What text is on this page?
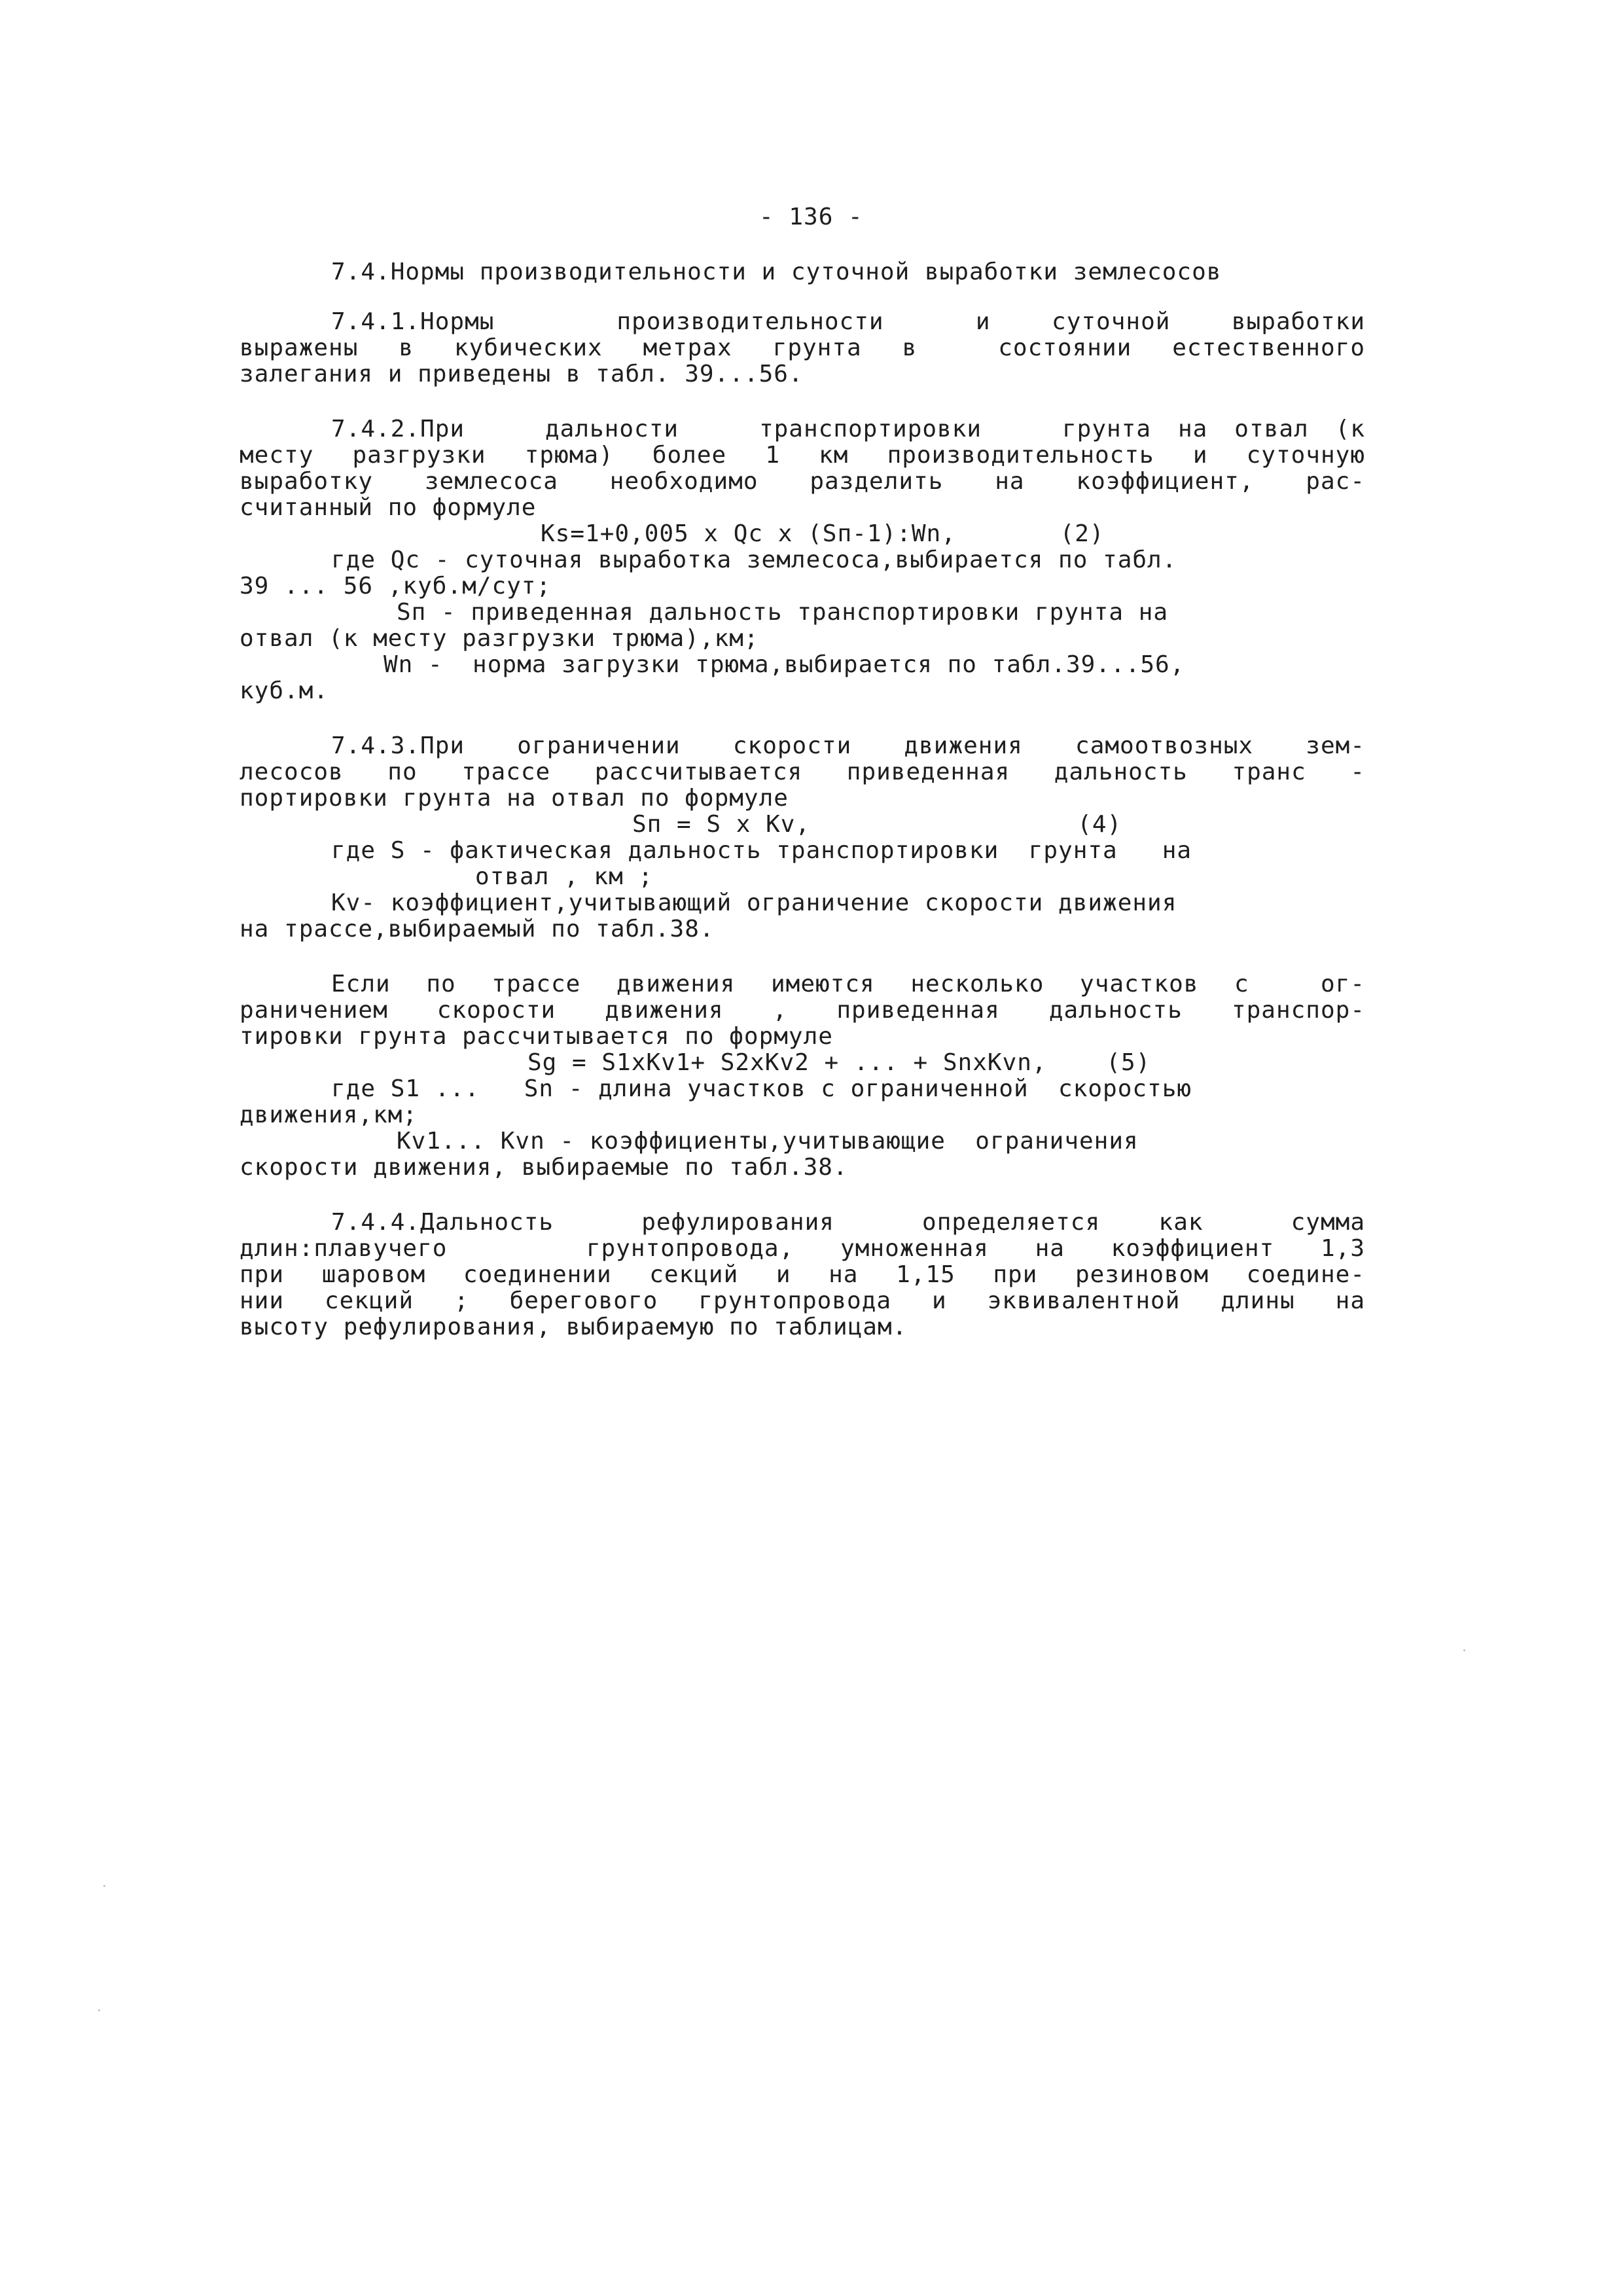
- 136 -
7.4.Нормы производительности и суточной выработки землесосов
7.4.1.Нормы    производительности   и  суточной  выработки
выражены в кубических метрах грунта в  состоянии естественного
залегания и приведены в табл. 39...56.
7.4.2.При   дальности   транспортировки   грунта на отвал (к
месту разгрузки трюма) более 1 км производительность и суточную
выработку землесоса необходимо разделить на коэффициент, рас-
считанный по формуле
Ks=1+0,005 x Qc x (Sп-1):Wn,       (2)
где Qc - суточная выработка землесоса,выбирается по табл.
39 ... 56 ,куб.м/сут;
Sп - приведенная дальность транспортировки грунта на
отвал (к месту разгрузки трюма),км;
Wn -  норма загрузки трюма,выбирается по табл.39...56,
куб.м.
7.4.3.При ограничении скорости движения самоотвозных зем-
лесосов по трассе рассчитывается приведенная дальность транс -
портировки грунта на отвал по формуле
Sп = S x Kv,                  (4)
где S - фактическая дальность транспортировки  грунта   на
отвал , км ;
Kv- коэффициент,учитывающий ограничение скорости движения
на трассе,выбираемый по табл.38.
Если по трассе движения имеются несколько участков с  ог-
раничением скорости движения , приведенная дальность транспор-
тировки грунта рассчитывается по формуле
Sg = S1xKv1+ S2xKv2 + ... + SnxKvn,    (5)
где S1 ...   Sn - длина участков с ограниченной  скоростью
движения,км;
Kv1... Kvn - коэффициенты,учитывающие  ограничения
скорости движения, выбираемые по табл.38.
7.4.4.Дальность   рефулирования   определяется  как   сумма
длин:плавучего   грунтопровода, умноженная на коэффициент 1,3
при шаровом соединении секций и на 1,15 при резиновом соедине-
нии секций ; берегового грунтопровода и эквивалентной длины на
высоту рефулирования, выбираемую по таблицам.
